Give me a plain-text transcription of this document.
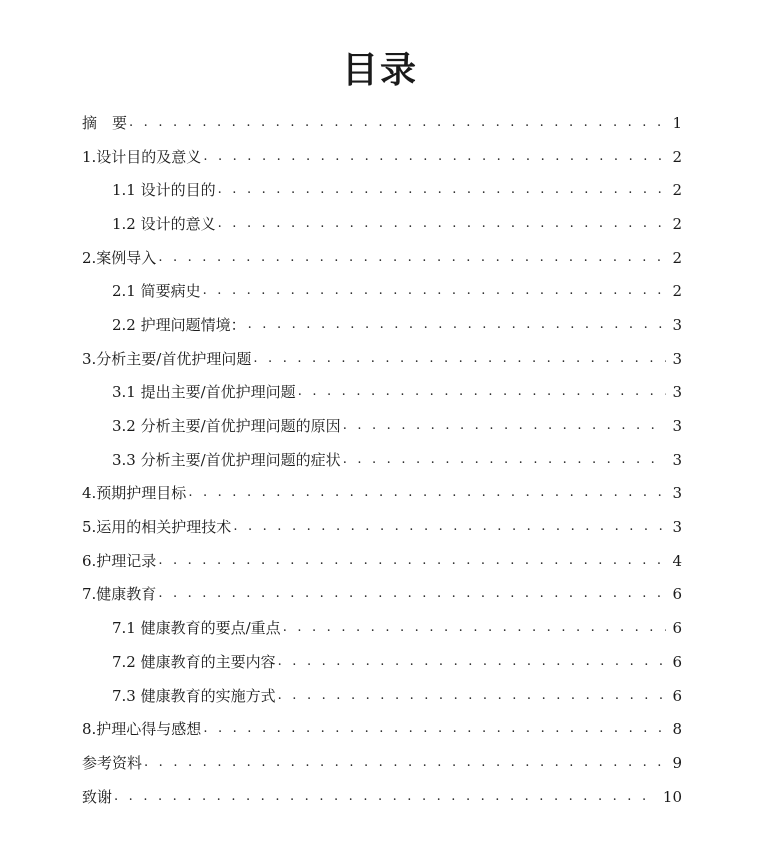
目录
摘　要 . . .	1
1.设计目的及意义 . . .	2
1.1 设计的目的 . . .	2
1.2 设计的意义 . . .	2
2.案例导入 . . .	2
2.1 简要病史 . . .	2
2.2 护理问题情境： . . .	3
3.分析主要/首优护理问题 . . .	3
3.1 提出主要/首优护理问题 . . .	3
3.2 分析主要/首优护理问题的原因 . . .	3
3.3 分析主要/首优护理问题的症状 . . .	3
4.预期护理目标 . . .	3
5.运用的相关护理技术 . . .	3
6.护理记录 . . .	4
7.健康教育 . . .	6
7.1 健康教育的要点/重点 . . .	6
7.2 健康教育的主要内容 . . .	6
7.3 健康教育的实施方式 . . .	6
8.护理心得与感想 . . .	8
参考资料 . . .	9
致谢 . . .	10
